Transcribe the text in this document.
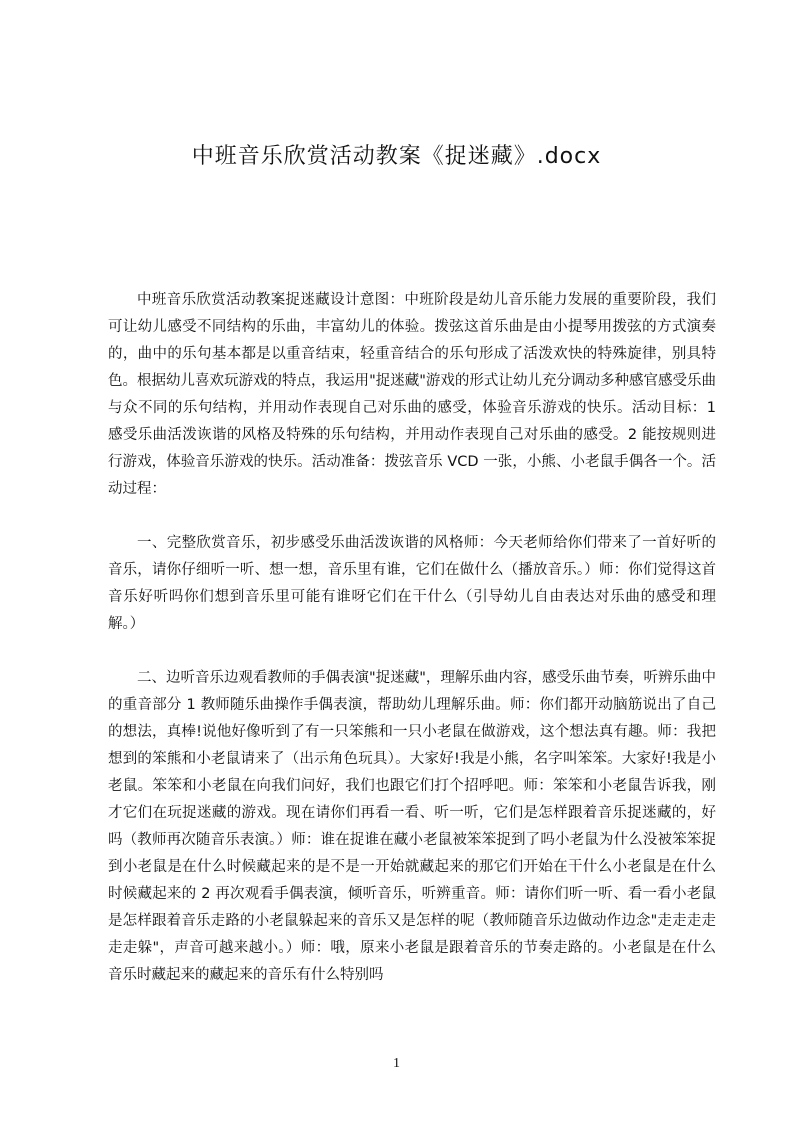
中班音乐欣赏活动教案《捉迷藏》.docx

中班音乐欣赏活动教案捉迷藏设计意图：中班阶段是幼儿音乐能力发展的重要阶段，我们可让幼儿感受不同结构的乐曲，丰富幼儿的体验。拨弦这首乐曲是由小提琴用拨弦的方式演奏的，曲中的乐句基本都是以重音结束，轻重音结合的乐句形成了活泼欢快的特殊旋律，别具特色。根据幼儿喜欢玩游戏的特点，我运用"捉迷藏"游戏的形式让幼儿充分调动多种感官感受乐曲与众不同的乐句结构，并用动作表现自己对乐曲的感受，体验音乐游戏的快乐。活动目标：1 感受乐曲活泼诙谐的风格及特殊的乐句结构，并用动作表现自己对乐曲的感受。2 能按规则进行游戏，体验音乐游戏的快乐。活动准备：拨弦音乐 VCD 一张，小熊、小老鼠手偶各一个。活动过程：

一、完整欣赏音乐，初步感受乐曲活泼诙谐的风格师：今天老师给你们带来了一首好听的音乐，请你仔细听一听、想一想，音乐里有谁，它们在做什么（播放音乐。）师：你们觉得这首音乐好听吗你们想到音乐里可能有谁呀它们在干什么（引导幼儿自由表达对乐曲的感受和理解。）

二、边听音乐边观看教师的手偶表演"捉迷藏"，理解乐曲内容，感受乐曲节奏，听辨乐曲中的重音部分 1 教师随乐曲操作手偶表演，帮助幼儿理解乐曲。师：你们都开动脑筋说出了自己的想法，真棒!说他好像听到了有一只笨熊和一只小老鼠在做游戏，这个想法真有趣。师：我把想到的笨熊和小老鼠请来了（出示角色玩具）。大家好!我是小熊，名字叫笨笨。大家好!我是小老鼠。笨笨和小老鼠在向我们问好，我们也跟它们打个招呼吧。师：笨笨和小老鼠告诉我，刚才它们在玩捉迷藏的游戏。现在请你们再看一看、听一听，它们是怎样跟着音乐捉迷藏的，好吗（教师再次随音乐表演。）师：谁在捉谁在藏小老鼠被笨笨捉到了吗小老鼠为什么没被笨笨捉到小老鼠是在什么时候藏起来的是不是一开始就藏起来的那它们开始在干什么小老鼠是在什么时候藏起来的 2 再次观看手偶表演，倾听音乐，听辨重音。师：请你们听一听、看一看小老鼠是怎样跟着音乐走路的小老鼠躲起来的音乐又是怎样的呢（教师随音乐边做动作边念"走走走走走走躲"，声音可越来越小。）师：哦，原来小老鼠是跟着音乐的节奏走路的。小老鼠是在什么音乐时藏起来的藏起来的音乐有什么特别吗

1
